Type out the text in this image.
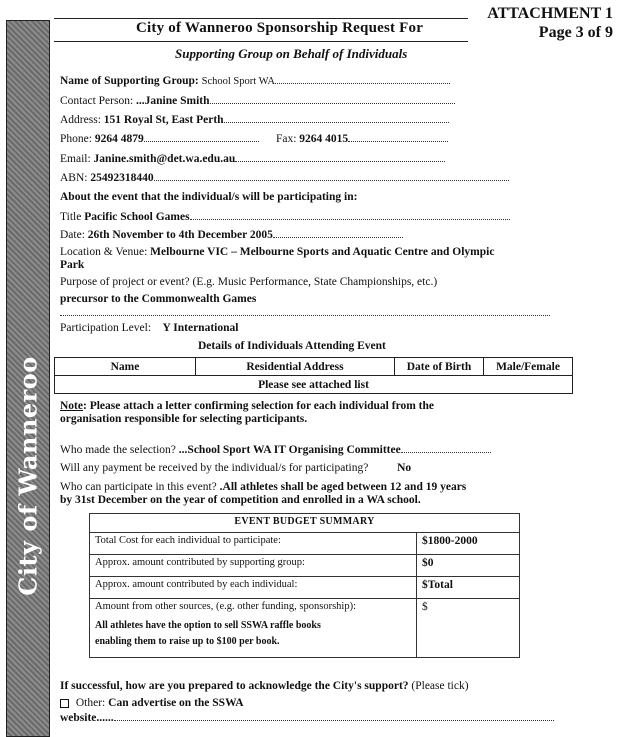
City of Wanneroo
ATTACHMENT 1
Page 3 of 9
City of Wanneroo Sponsorship Request For
Supporting Group on Behalf of Individuals
Name of Supporting Group: School Sport WA
Contact Person: ...Janine Smith
Address: 151 Royal St, East Perth
Phone: 9264 4879	Fax: 9264 4015
Email: Janine.smith@det.wa.edu.au
ABN: 25492318440
About the event that the individual/s will be participating in:
Title Pacific School Games
Date: 26th November to 4th December 2005
Location & Venue: Melbourne VIC – Melbourne Sports and Aquatic Centre and Olympic
Park
Purpose of project or event? (E.g. Music Performance, State Championships, etc.)
precursor to the Commonwealth Games
Participation Level: Y International
Details of Individuals Attending Event
Name	Residential Address	Date of Birth	Male/Female
Please see attached list
Note: Please attach a letter confirming selection for each individual from the
organisation responsible for selecting participants.
Who made the selection? ...School Sport WA IT Organising Committee
Will any payment be received by the individual/s for participating?	No
Who can participate in this event? .All athletes shall be aged between 12 and 19 years
by 31st December on the year of competition and enrolled in a WA school.
EVENT BUDGET SUMMARY	
Total Cost for each individual to participate:	$1800-2000
Approx. amount contributed by supporting group:	$0
Approx. amount contributed by each individual:	$Total

Amount from other sources, (e.g. other funding, sponsorship):
All athletes have the option to sell SSWA raffle books
enabling them to raise up to $100 per book.	$
If successful, how are you prepared to acknowledge the City's support? (Please tick)
Other: Can advertise on the SSWA
website......
